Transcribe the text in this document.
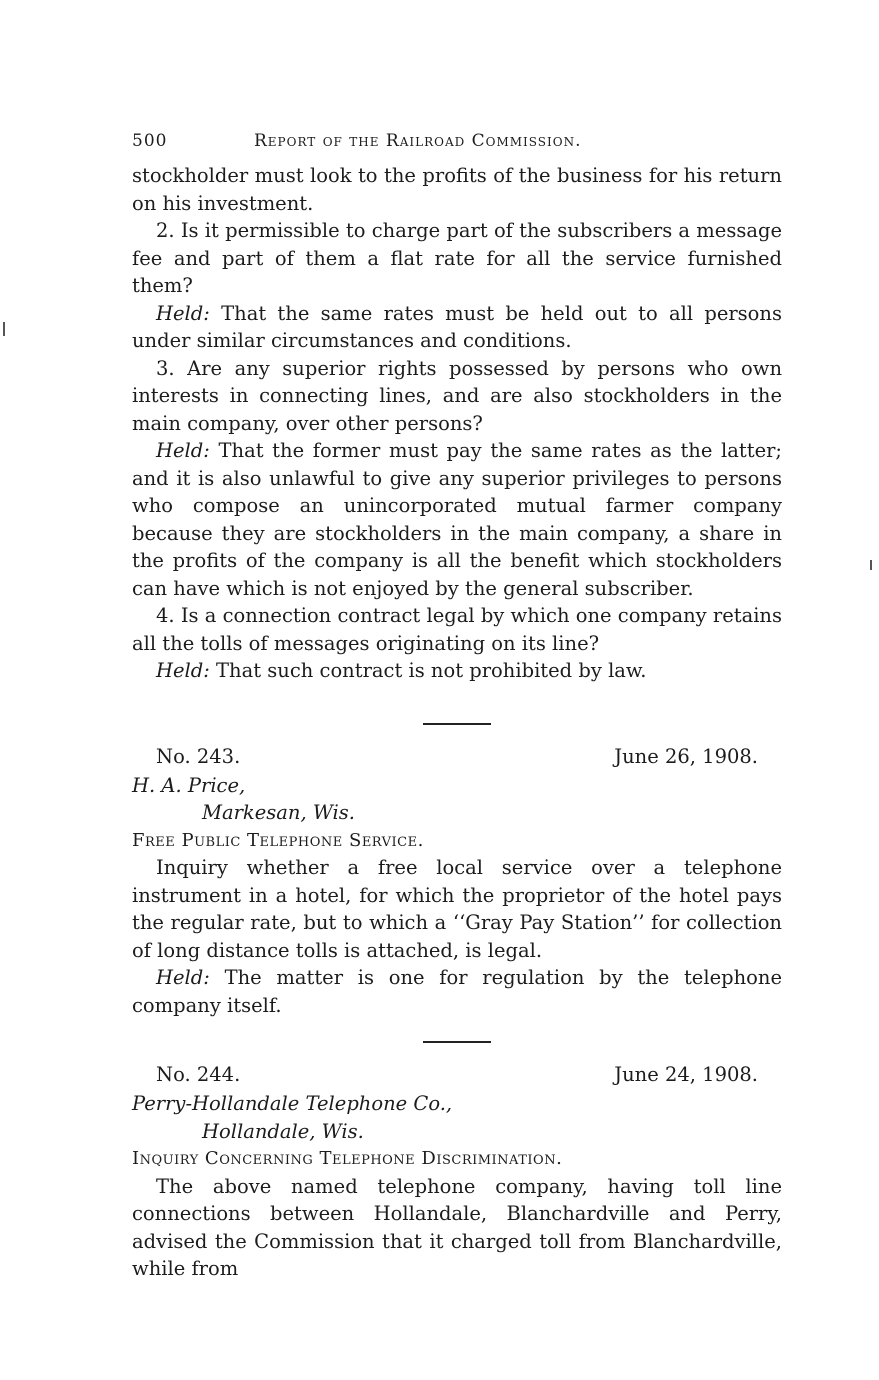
500	Report of the Railroad Commission.

stockholder must look to the profits of the business for his return on his investment.

2. Is it permissible to charge part of the subscribers a message fee and part of them a flat rate for all the service furnished them?

Held: That the same rates must be held out to all persons under similar circumstances and conditions.

3. Are any superior rights possessed by persons who own interests in connecting lines, and are also stockholders in the main company, over other persons?

Held: That the former must pay the same rates as the latter; and it is also unlawful to give any superior privileges to persons who compose an unincorporated mutual farmer company because they are stockholders in the main company, a share in the profits of the company is all the benefit which stockholders can have which is not enjoyed by the general subscriber.

4. Is a connection contract legal by which one company retains all the tolls of messages originating on its line?

Held: That such contract is not prohibited by law.

No. 243.	June 26, 1908.
H. A. Price,
Markesan, Wis.
Free Public Telephone Service.

Inquiry whether a free local service over a telephone instrument in a hotel, for which the proprietor of the hotel pays the regular rate, but to which a ‘‘Gray Pay Station’’ for collection of long distance tolls is attached, is legal.

Held: The matter is one for regulation by the telephone company itself.

No. 244.	June 24, 1908.
Perry-Hollandale Telephone Co.,
Hollandale, Wis.
Inquiry Concerning Telephone Discrimination.

The above named telephone company, having toll line connections between Hollandale, Blanchardville and Perry, advised the Commission that it charged toll from Blanchardville, while from
